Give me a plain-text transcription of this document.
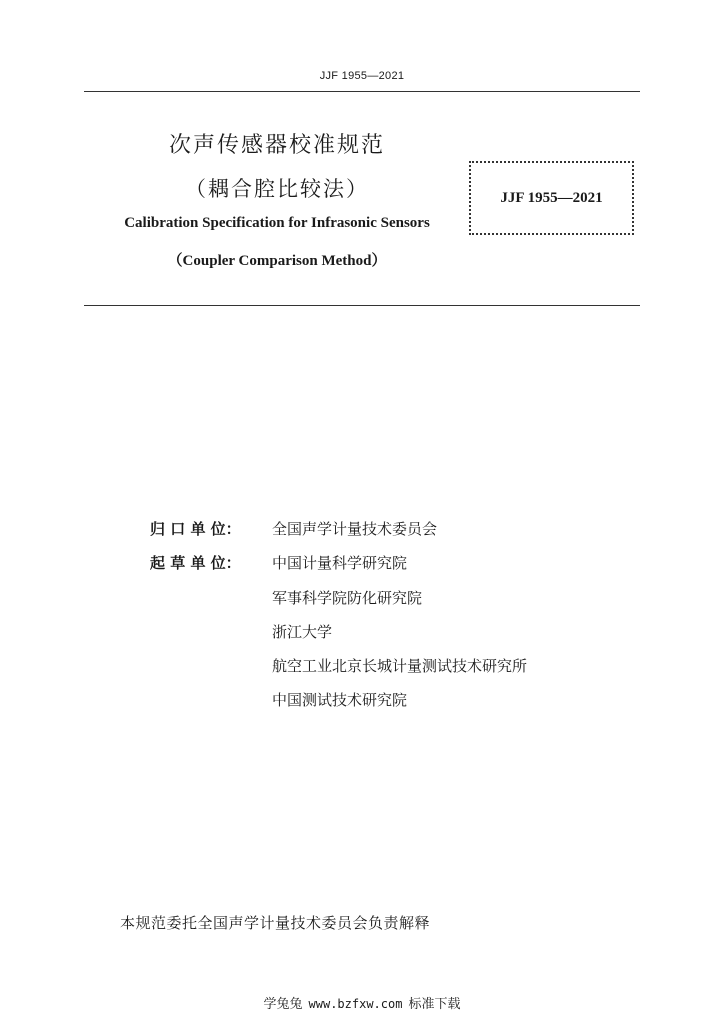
JJF 1955—2021
次声传感器校准规范
（耦合腔比较法）
Calibration Specification for Infrasonic Sensors
（Coupler Comparison Method）
JJF 1955—2021
归 口 单 位： 全国声学计量技术委员会
起 草 单 位： 中国计量科学研究院
军事科学院防化研究院
浙江大学
航空工业北京长城计量测试技术研究所
中国测试技术研究院
本规范委托全国声学计量技术委员会负责解释
学兔兔 www.bzfxw.com 标准下载
